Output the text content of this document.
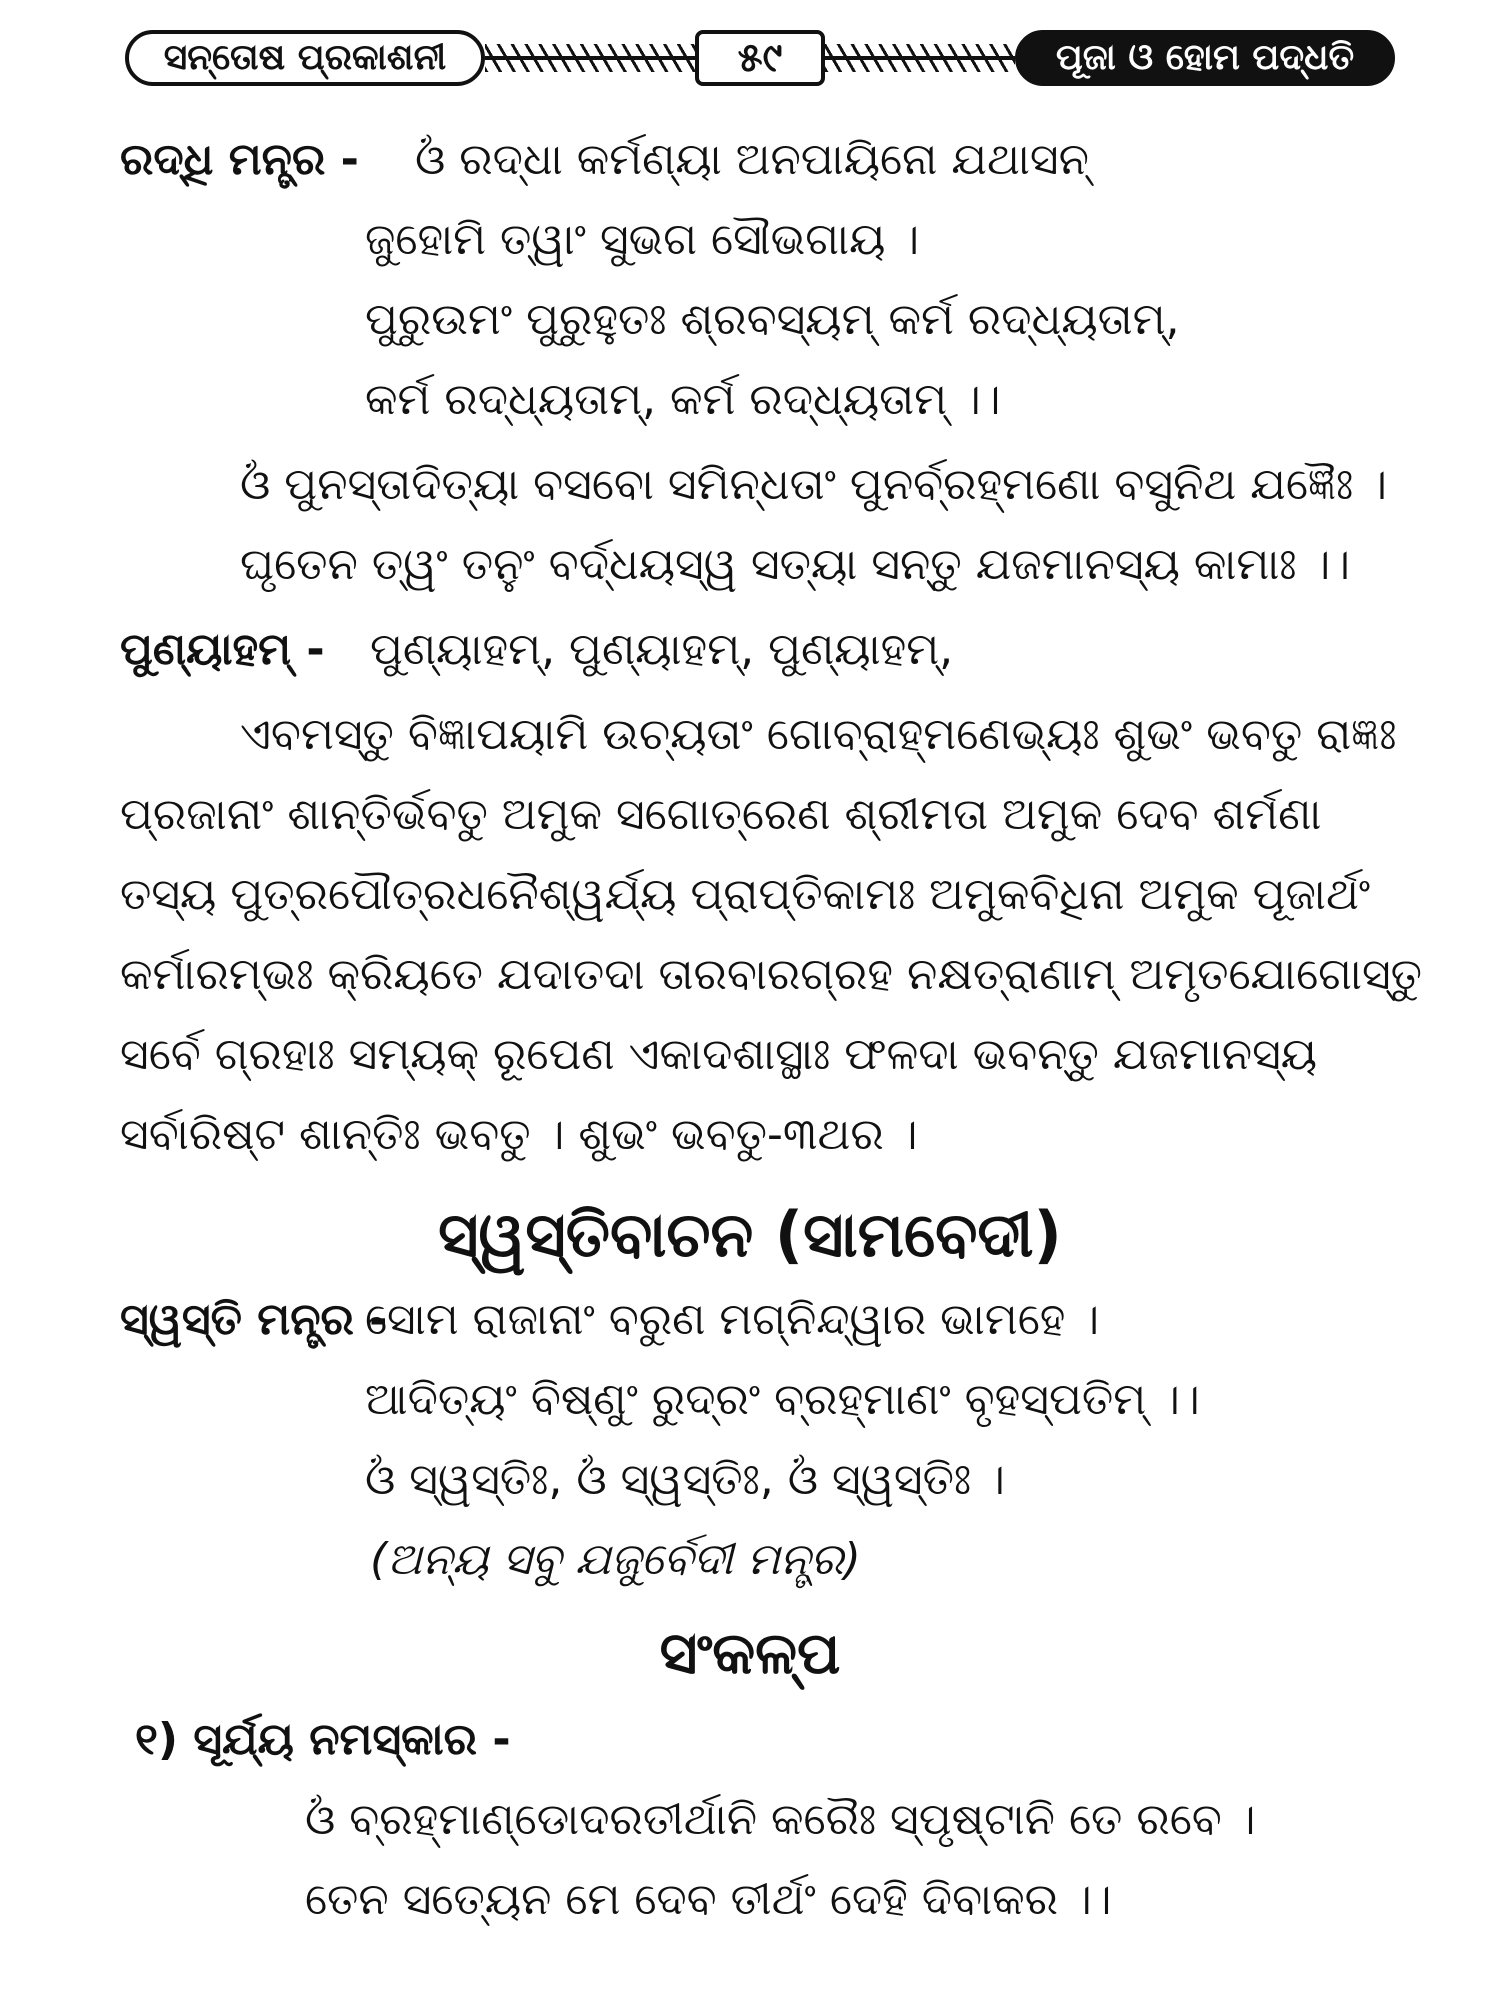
ସନ୍ତୋଷ ପ୍ରକାଶନୀ	୫୯	ପୂଜା ଓ ହୋମ ପଦ୍ଧତି
ରଦ୍ଧି ମନ୍ତ୍ର - ଓଁ ରଦ୍ଧା କର୍ମଣ୍ୟା ଅନପାୟିନୋ ଯଥାସନ୍
ଜୁହୋମି ତ୍ୱାଂ ସୁଭଗ ସୌଭଗାୟ ।
ପୁରୁଉମଂ ପୁରୁହୁତଃ ଶ୍ରବସ୍ୟମ୍ କର୍ମ ରଦ୍ଧ୍ୟତାମ୍,
କର୍ମ ରଦ୍ଧ୍ୟତାମ୍, କର୍ମ ରଦ୍ଧ୍ୟତାମ୍ ।।
ଓଁ ପୁନସ୍ତାଦିତ୍ୟା ବସବୋ ସମିନ୍ଧତାଂ ପୁନର୍ବ୍ରହ୍ମଣୋ ବସୁନିଥ ଯଜ୍ଞୈଃ ।
ଘୃତେନ ତ୍ୱଂ ତନୁଂ ବର୍ଦ୍ଧୟସ୍ୱ ସତ୍ୟା ସନ୍ତୁ ଯଜମାନସ୍ୟ କାମାଃ ।।
ପୁଣ୍ୟାହମ୍ - ପୁଣ୍ୟାହମ୍, ପୁଣ୍ୟାହମ୍, ପୁଣ୍ୟାହମ୍,
ଏବମସ୍ତୁ ବିଜ୍ଞାପୟାମି ଉଚ୍ୟତାଂ ଗୋବ୍ରାହ୍ମଣେଭ୍ୟଃ ଶୁଭଂ ଭବତୁ ରାଜ୍ଞଃ
ପ୍ରଜାନାଂ ଶାନ୍ତିର୍ଭବତୁ ଅମୁକ ସଗୋତ୍ରେଣ ଶ୍ରୀମତା ଅମୁକ ଦେବ ଶର୍ମଣା
ତସ୍ୟ ପୁତ୍ରପୌତ୍ରଧନୈଶ୍ୱର୍ଯ୍ୟ ପ୍ରାପ୍ତିକାମଃ ଅମୁକବିଧିନା ଅମୁକ ପୂଜାର୍ଥଂ
କର୍ମାରମ୍ଭଃ କ୍ରିୟତେ ଯଦାତଦା ତାରବାରଗ୍ରହ ନକ୍ଷତ୍ରାଣାମ୍ ଅମୃତଯୋଗୋସ୍ତୁ
ସର୍ବେ ଗ୍ରହାଃ ସମ୍ୟକ୍ ରୂପେଣ ଏକାଦଶାସ୍ଥାଃ ଫଳଦା ଭବନ୍ତୁ ଯଜମାନସ୍ୟ
ସର୍ବାରିଷ୍ଟ ଶାନ୍ତିଃ ଭବତୁ । ଶୁଭଂ ଭବତୁ-୩ଥର ।
ସ୍ୱସ୍ତିବାଚନ (ସାମବେଦୀ)
ସ୍ୱସ୍ତି ମନ୍ତ୍ର -
ସୋମ ରାଜାନାଂ ବରୁଣ ମଗ୍ନିନ୍ଦ୍ୱାର ଭାମହେ ।
ଆଦିତ୍ୟଂ ବିଷ୍ଣୁଂ ରୁଦ୍ରଂ ବ୍ରହ୍ମାଣଂ ବୃହସ୍ପତିମ୍ ।।
ଓଁ ସ୍ୱସ୍ତିଃ, ଓଁ ସ୍ୱସ୍ତିଃ, ଓଁ ସ୍ୱସ୍ତିଃ ।
(ଅନ୍ୟ ସବୁ ଯଜୁର୍ବେଦୀ ମନ୍ତ୍ର)
ସଂକଳ୍ପ
୧) ସୂର୍ଯ୍ୟ ନମସ୍କାର -
ଓଁ ବ୍ରହ୍ମାଣ୍ଡୋଦରତୀର୍ଥାନି କରୈଃ ସ୍ପୃଷ୍ଟାନି ତେ ରବେ ।
ତେନ ସତ୍ୟେନ ମେ ଦେବ ତୀର୍ଥଂ ଦେହି ଦିବାକର ।।
